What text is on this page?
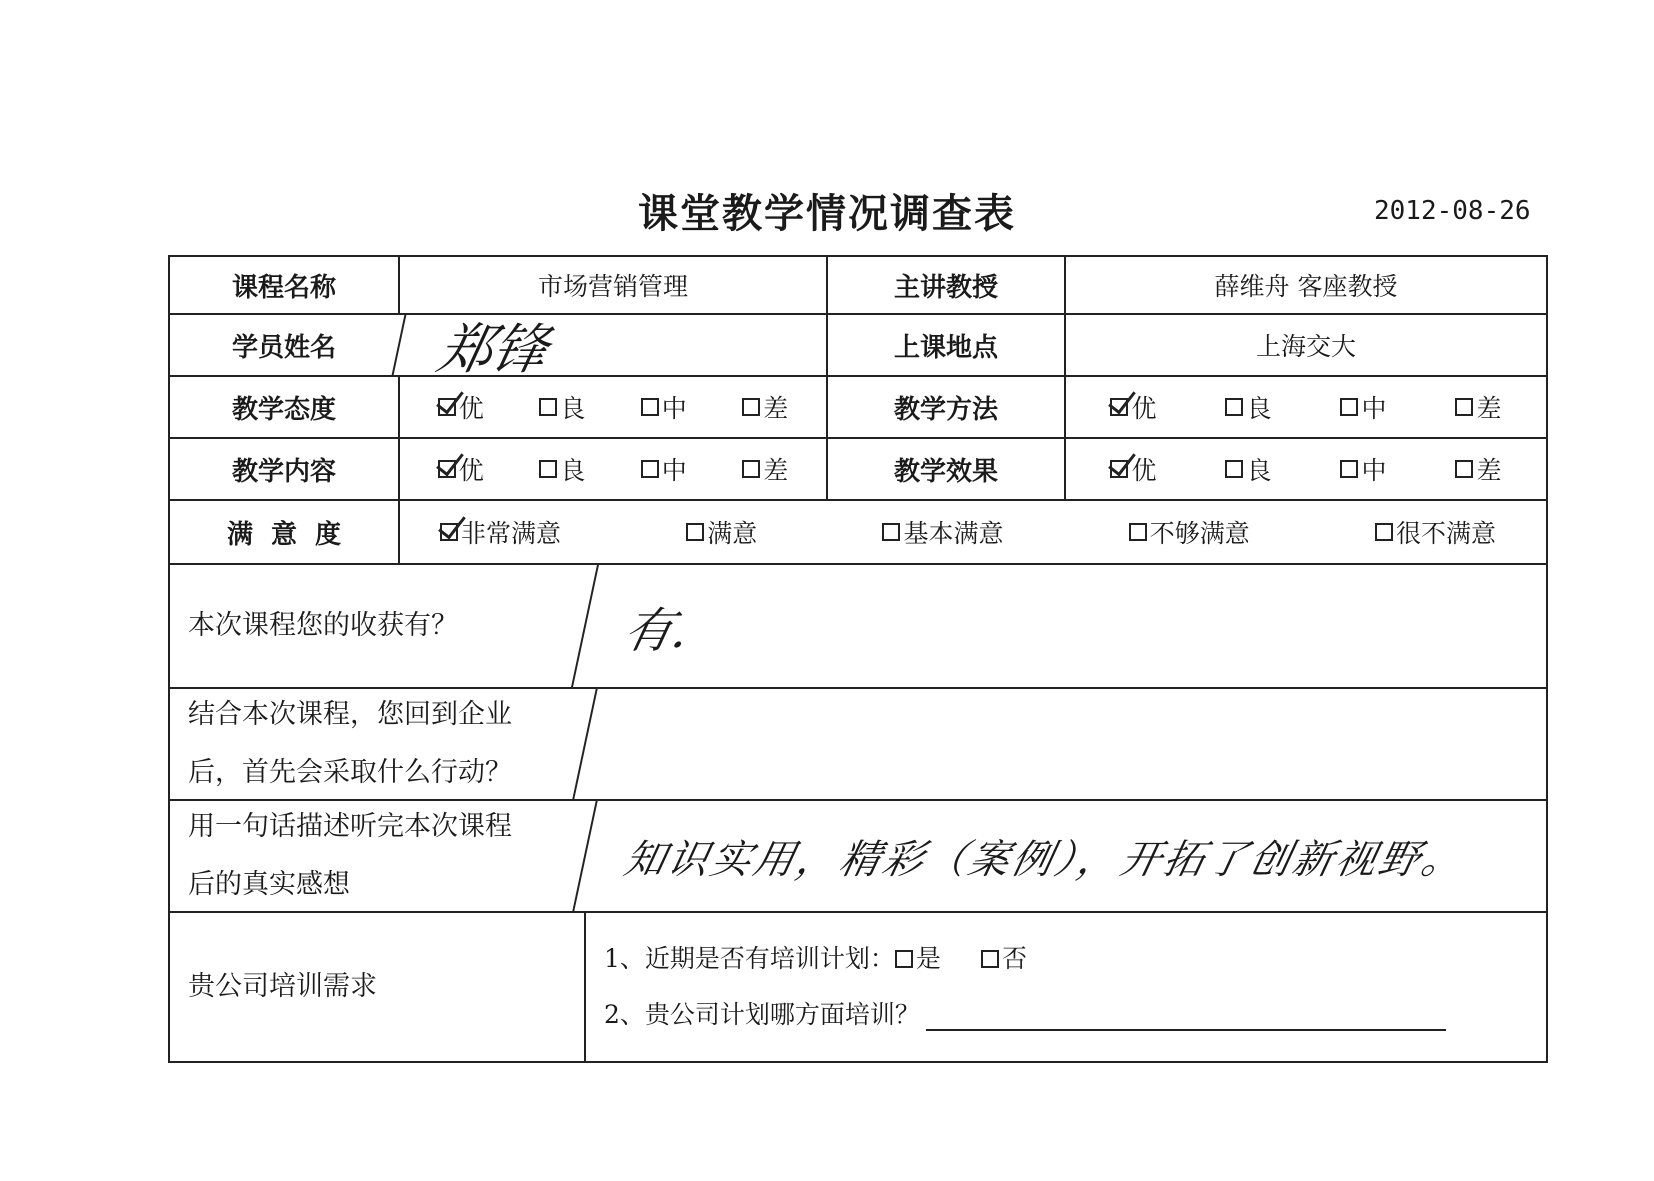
课堂教学情况调查表	2012-08-26
课程名称	市场营销管理	主讲教授	薛维舟 客座教授
学员姓名	郑锋	上课地点	上海交大
教学态度	优	良	中	差	教学方法	优	良	中	差
教学内容	优	良	中	差	教学效果	优	良	中	差
满意度	非常满意	满意	基本满意	不够满意	很不满意
本次课程您的收获有？	有.
结合本次课程，您回到企业
后，首先会采取什么行动？
用一句话描述听完本次课程
后的真实感想
知识实用，精彩（案例），开拓了创新视野。
贵公司培训需求
1、近期是否有培训计划： 是 否
2、贵公司计划哪方面培训？
